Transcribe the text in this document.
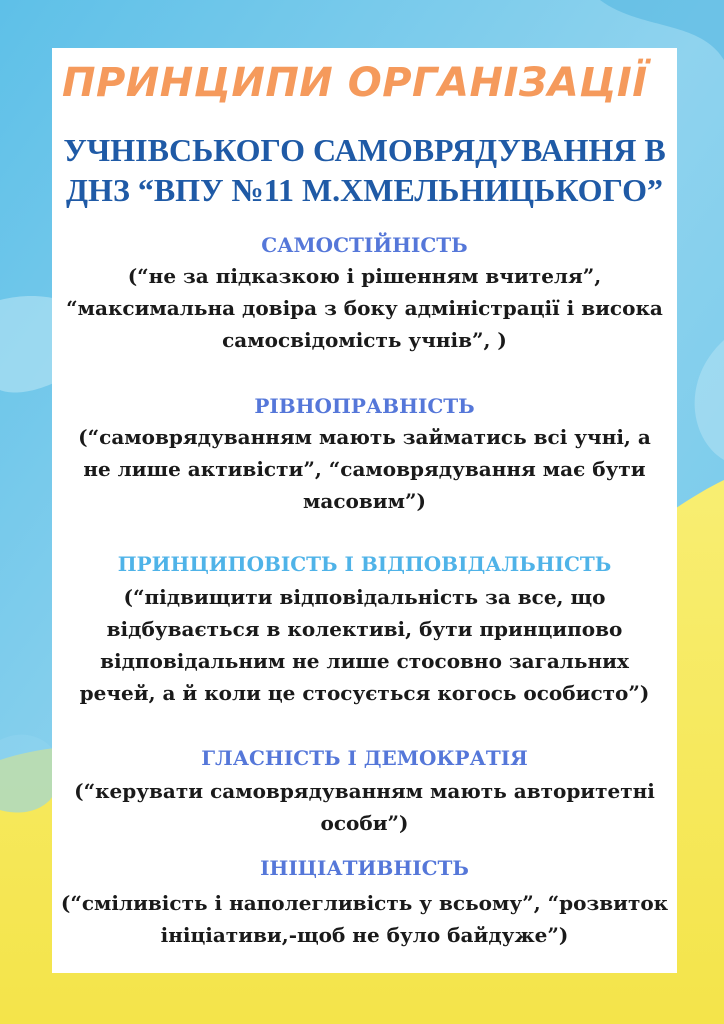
ПРИНЦИПИ ОРГАНІЗАЦІЇ
УЧНІВСЬКОГО САМОВРЯДУВАННЯ В
ДНЗ “ВПУ №11 М.ХМЕЛЬНИЦЬКОГО”
САМОСТІЙНІСТЬ

(“не за підказкою і рішенням вчителя”,
“максимальна довіра з боку адміністрації і висока
самосвідомість учнів”, )

РІВНОПРАВНІСТЬ

(“самоврядуванням мають займатись всі учні, а
не лише активісти”, “самоврядування має бути
масовим”)

ПРИНЦИПОВІСТЬ І ВІДПОВІДАЛЬНІСТЬ

(“підвищити відповідальність за все, що
відбувається в колективі, бути принципово
відповідальним не лише стосовно загальних
речей, а й коли це стосується когось особисто”)

ГЛАСНІСТЬ І ДЕМОКРАТІЯ

(“керувати самоврядуванням мають авторитетні
особи”)

ІНІЦІАТИВНІСТЬ

(“сміливість і наполегливість у всьому”, “розвиток
ініціативи,-щоб не було байдуже”)
